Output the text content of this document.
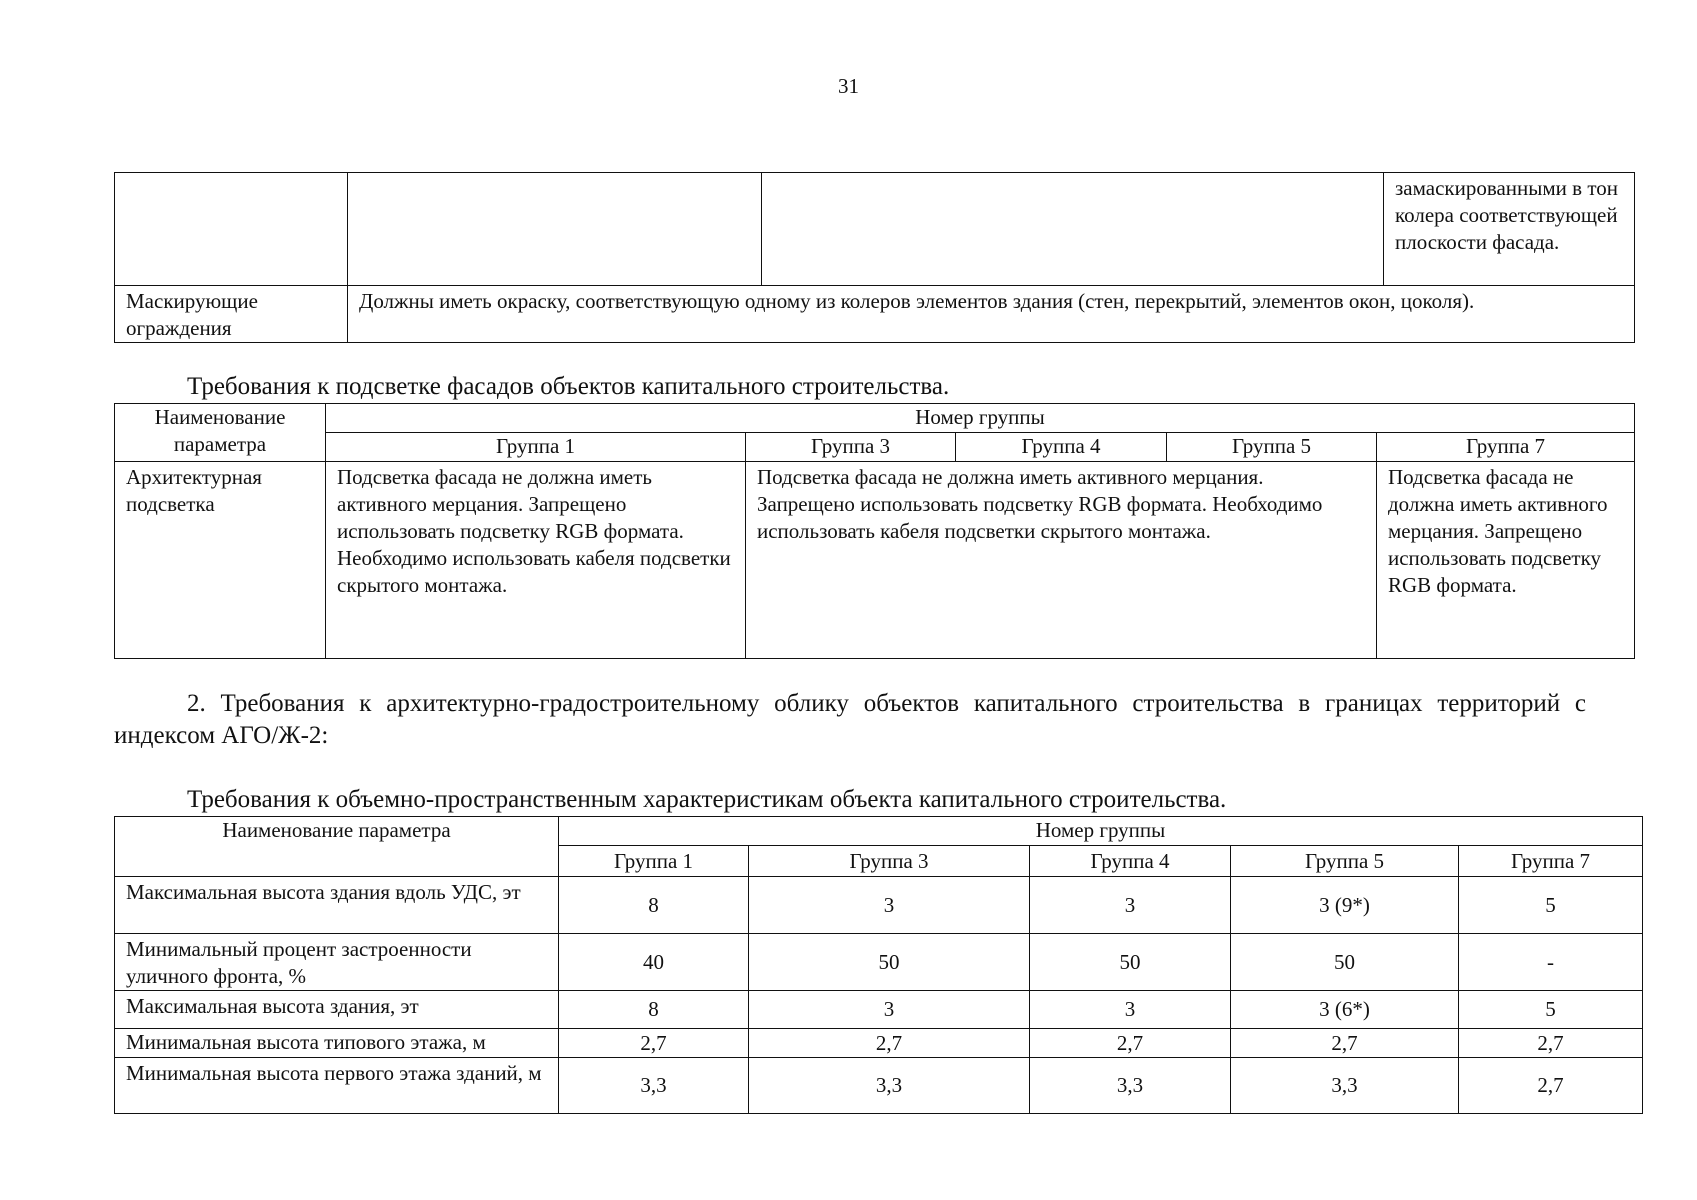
31
			замаскированными в тон колера соответствующей плоскости фасада.
Маскирующие ограждения	Должны иметь окраску, соответствующую одному из колеров элементов здания (стен, перекрытий, элементов окон, цоколя).		
Требования к подсветке фасадов объектов капитального строительства.
Наименование параметра	Номер группы				
	Группа 1	Группа 3	Группа 4	Группа 5	Группа 7
Архитектурная подсветка	Подсветка фасада не должна иметь активного мерцания. Запрещено использовать подсветку RGB формата. Необходимо использовать кабеля подсветки скрытого монтажа.	Подсветка фасада не должна иметь активного мерцания. Запрещено использовать подсветку RGB формата. Необходимо использовать кабеля подсветки скрытого монтажа.			Подсветка фасада не должна иметь активного мерцания. Запрещено использовать подсветку RGB формата.
2. Требования к архитектурно-градостроительному облику объектов капитального строительства в границах территорий с индексом АГО/Ж-2:
Требования к объемно-пространственным характеристикам объекта капитального строительства.
Наименование параметра	Номер группы				
	Группа 1	Группа 3	Группа 4	Группа 5	Группа 7
Максимальная высота здания вдоль УДС, эт	8	3	3	3 (9*)	5
Минимальный процент застроенности уличного фронта, %	40	50	50	50	-
Максимальная высота здания, эт	8	3	3	3 (6*)	5
Минимальная высота типового этажа, м	2,7	2,7	2,7	2,7	2,7
Минимальная высота первого этажа зданий, м	3,3	3,3	3,3	3,3	2,7
